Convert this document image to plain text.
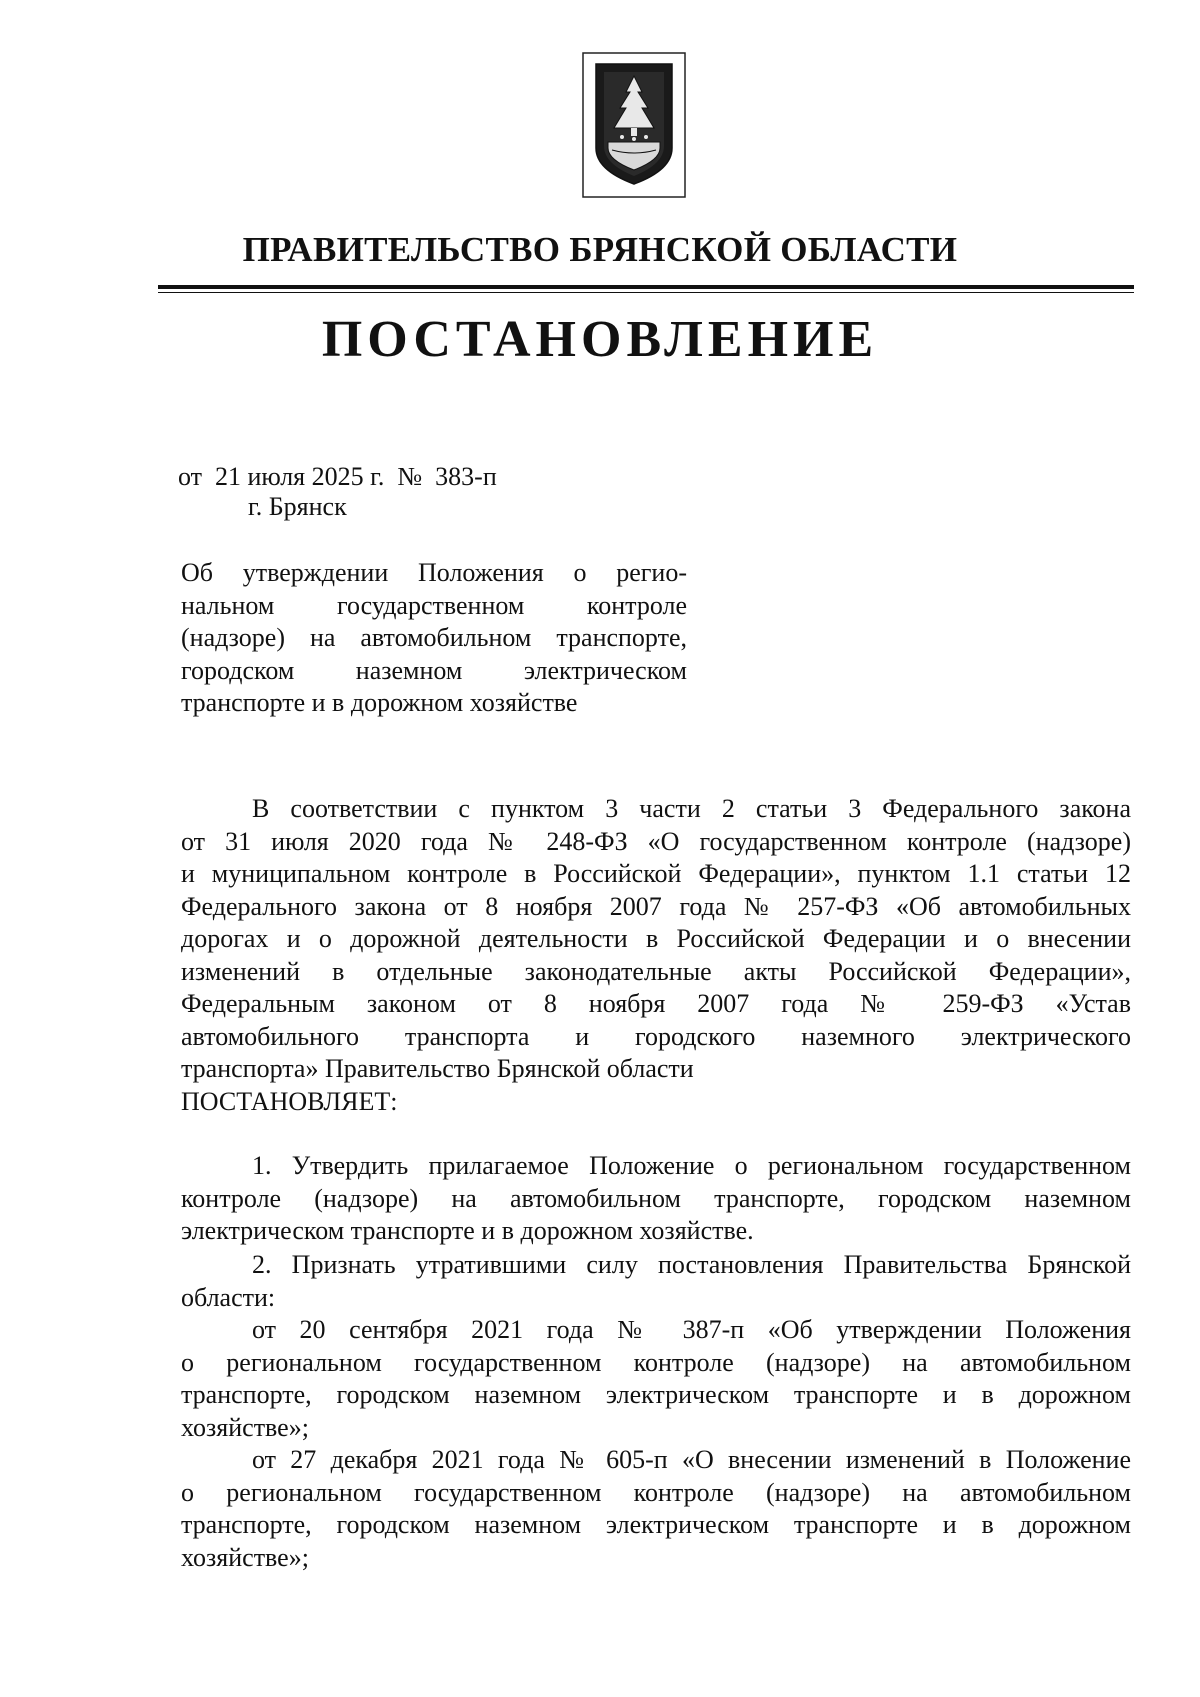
ПРАВИТЕЛЬСТВО БРЯНСКОЙ ОБЛАСТИ
ПОСТАНОВЛЕНИЕ
от  21 июля 2025 г.  №  383-п
г. Брянск
Об утверждении Положения о регио-
нальном государственном контроле
(надзоре) на автомобильном транспорте,
городском наземном электрическом
транспорте и в дорожном хозяйстве
В соответствии с пунктом 3 части 2 статьи 3 Федерального закона
от 31 июля 2020 года № 248-ФЗ «О государственном контроле (надзоре)
и муниципальном контроле в Российской Федерации», пунктом 1.1 статьи 12
Федерального закона от 8 ноября 2007 года № 257-ФЗ «Об автомобильных
дорогах и о дорожной деятельности в Российской Федерации и о внесении
изменений в отдельные законодательные акты Российской Федерации»,
Федеральным законом от 8 ноября 2007 года № 259-ФЗ «Устав
автомобильного транспорта и городского наземного электрического
транспорта» Правительство Брянской области
ПОСТАНОВЛЯЕТ:
1. Утвердить прилагаемое Положение о региональном государственном
контроле (надзоре) на автомобильном транспорте, городском наземном
электрическом транспорте и в дорожном хозяйстве.
2. Признать утратившими силу постановления Правительства Брянской
области:
от 20 сентября 2021 года № 387-п «Об утверждении Положения
о региональном государственном контроле (надзоре) на автомобильном
транспорте, городском наземном электрическом транспорте и в дорожном
хозяйстве»;
от 27 декабря 2021 года № 605-п «О внесении изменений в Положение
о региональном государственном контроле (надзоре) на автомобильном
транспорте, городском наземном электрическом транспорте и в дорожном
хозяйстве»;
